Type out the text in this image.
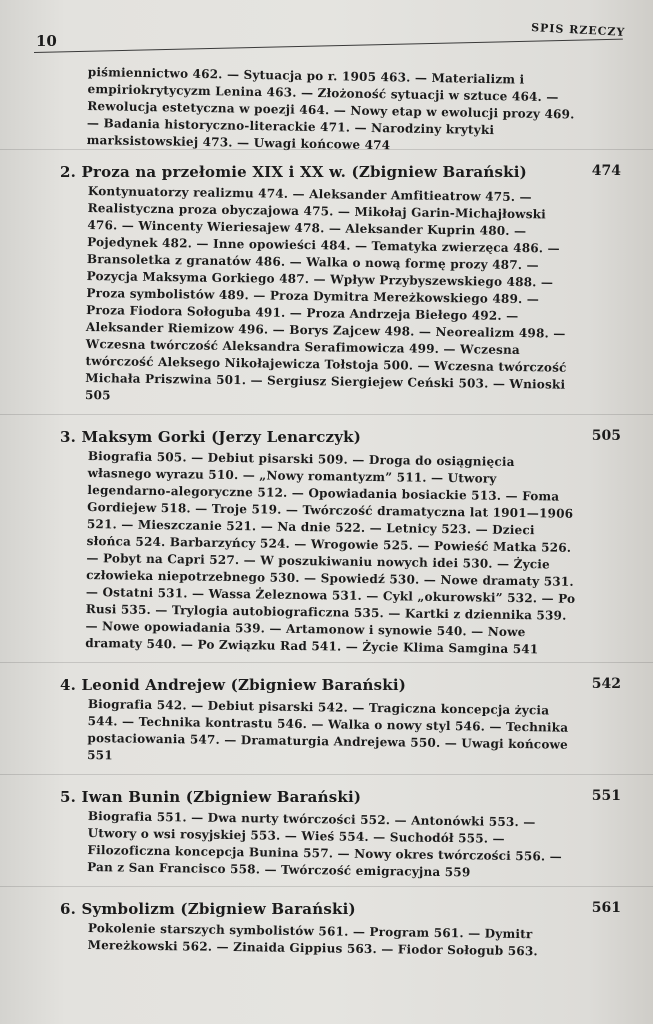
10
SPIS RZECZY
piśmiennictwo 462. — Sytuacja po r. 1905 463. — Materializm i empiriokrytycyzm Lenina 463. — Złożoność sytuacji w sztuce 464. — Rewolucja estetyczna w poezji 464. — Nowy etap w ewolucji prozy 469. — Badania historyczno-literackie 471. — Narodziny krytyki marksistowskiej 473. — Uwagi końcowe 474
2. Proza na przełomie XIX i XX w. (Zbigniew Barański)	474
Kontynuatorzy realizmu 474. — Aleksander Amfitieatrow 475. — Realistyczna proza obyczajowa 475. — Mikołaj Garin-Michajłowski 476. — Wincenty Wieriesajew 478. — Aleksander Kuprin 480. — Pojedynek 482. — Inne opowieści 484. — Tematyka zwierzęca 486. — Bransoletka z granatów 486. — Walka o nową formę prozy 487. — Pozycja Maksyma Gorkiego 487. — Wpływ Przybyszewskiego 488. — Proza symbolistów 489. — Proza Dymitra Mereżkowskiego 489. — Proza Fiodora Sołoguba 491. — Proza Andrzeja Biełego 492. — Aleksander Riemizow 496. — Borys Zajcew 498. — Neorealizm 498. — Wczesna twórczość Aleksandra Serafimowicza 499. — Wczesna twórczość Aleksego Nikołajewicza Tołstoja 500. — Wczesna twórczość Michała Priszwina 501. — Sergiusz Siergiejew Ceński 503. — Wnioski 505
3. Maksym Gorki (Jerzy Lenarczyk)	505
Biografia 505. — Debiut pisarski 509. — Droga do osiągnięcia własnego wyrazu 510. — „Nowy romantyzm” 511. — Utwory legendarno-alegoryczne 512. — Opowiadania bosiackie 513. — Foma Gordiejew 518. — Troje 519. — Twórczość dramatyczna lat 1901—1906 521. — Mieszczanie 521. — Na dnie 522. — Letnicy 523. — Dzieci słońca 524. Barbarzyńcy 524. — Wrogowie 525. — Powieść Matka 526. — Pobyt na Capri 527. — W poszukiwaniu nowych idei 530. — Życie człowieka niepotrzebnego 530. — Spowiedź 530. — Nowe dramaty 531. — Ostatni 531. — Wassa Żeleznowa 531. — Cykl „okurowski” 532. — Po Rusi 535. — Trylogia autobiograficzna 535. — Kartki z dziennika 539. — Nowe opowiadania 539. — Artamonow i synowie 540. — Nowe dramaty 540. — Po Związku Rad 541. — Życie Klima Samgina 541
4. Leonid Andrejew (Zbigniew Barański)	542
Biografia 542. — Debiut pisarski 542. — Tragiczna koncepcja życia 544. — Technika kontrastu 546. — Walka o nowy styl 546. — Technika postaciowania 547. — Dramaturgia Andrejewa 550. — Uwagi końcowe 551
5. Iwan Bunin (Zbigniew Barański)	551
Biografia 551. — Dwa nurty twórczości 552. — Antonówki 553. — Utwory o wsi rosyjskiej 553. — Wieś 554. — Suchodół 555. — Filozoficzna koncepcja Bunina 557. — Nowy okres twórczości 556. — Pan z San Francisco 558. — Twórczość emigracyjna 559
6. Symbolizm (Zbigniew Barański)	561
Pokolenie starszych symbolistów 561. — Program 561. — Dymitr Mereżkowski 562. — Zinaida Gippius 563. — Fiodor Sołogub 563.
